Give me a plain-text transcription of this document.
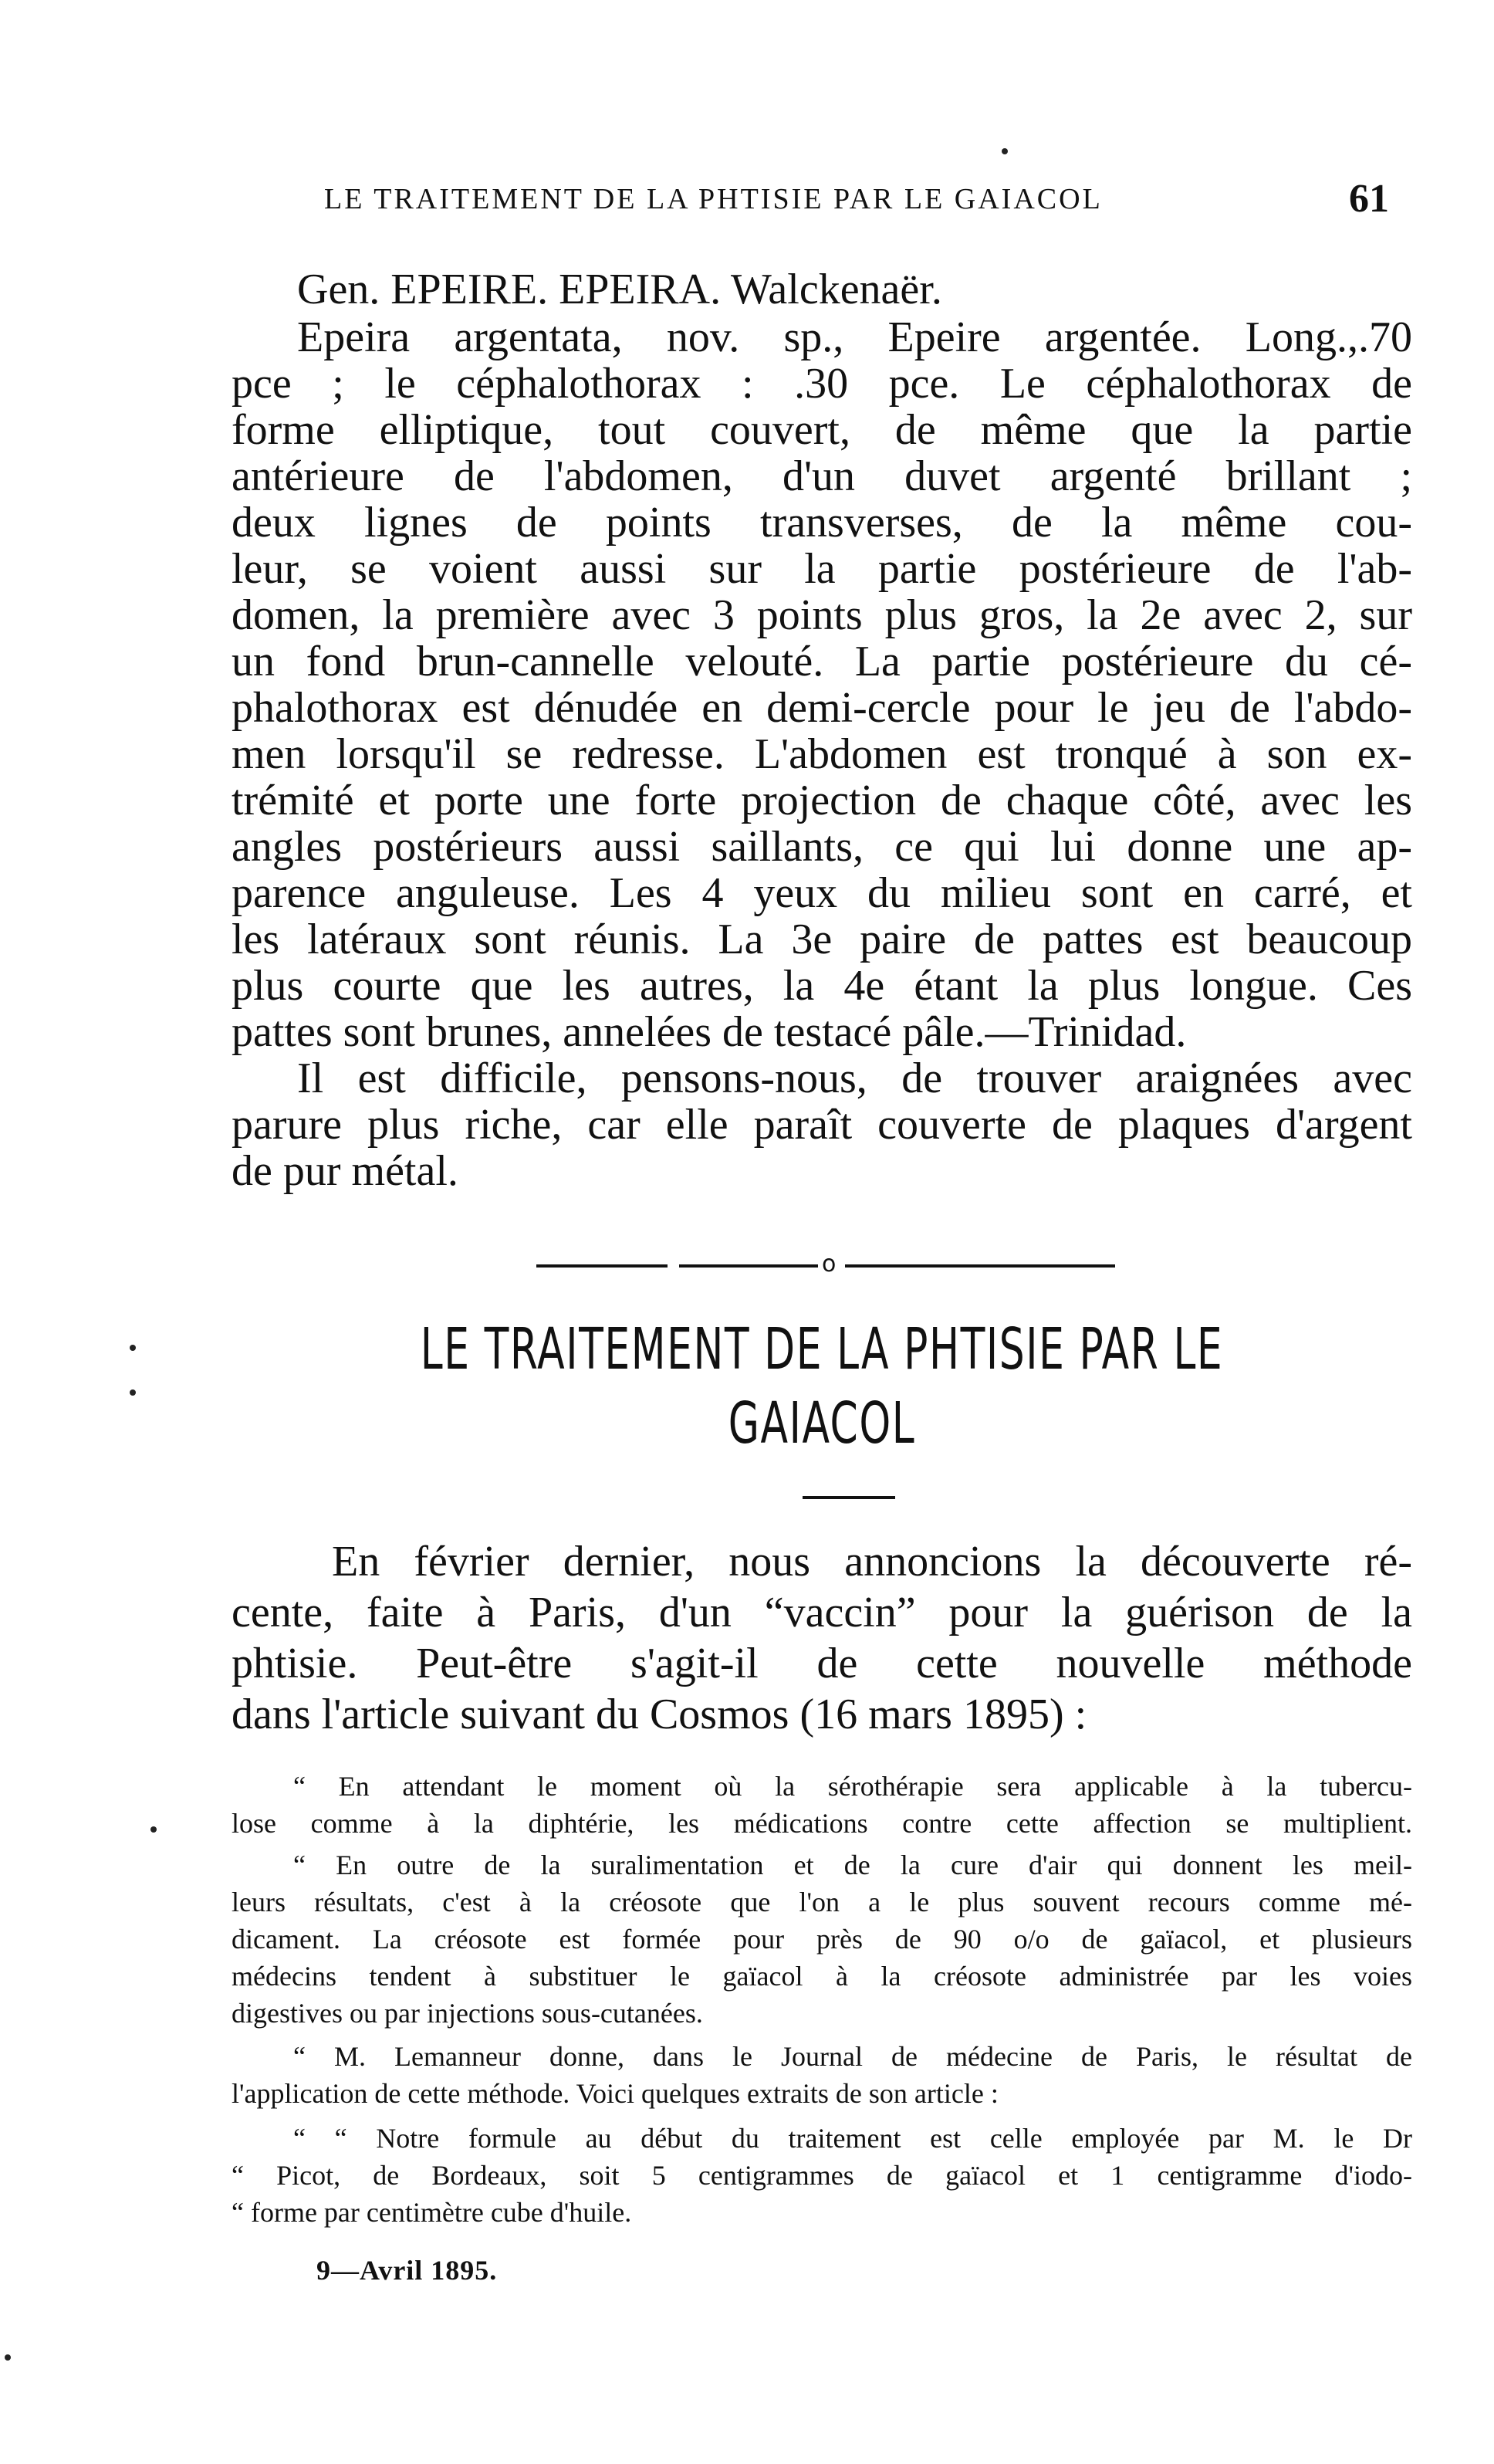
LE TRAITEMENT DE LA PHTISIE PAR LE GAIACOL	61
Gen. EPEIRE. EPEIRA. Walckenaër.
Epeira argentata, nov. sp., Epeire argentée. Long.,.70
pce ; le céphalothorax : .30 pce. Le céphalothorax de
forme elliptique, tout couvert, de même que la partie
antérieure de l'abdomen, d'un duvet argenté brillant ;
deux lignes de points transverses, de la même cou-
leur, se voient aussi sur la partie postérieure de l'ab-
domen, la première avec 3 points plus gros, la 2e avec 2, sur
un fond brun-cannelle velouté. La partie postérieure du cé-
phalothorax est dénudée en demi-cercle pour le jeu de l'abdo-
men lorsqu'il se redresse. L'abdomen est tronqué à son ex-
trémité et porte une forte projection de chaque côté, avec les
angles postérieurs aussi saillants, ce qui lui donne une ap-
parence anguleuse. Les 4 yeux du milieu sont en carré, et
les latéraux sont réunis. La 3e paire de pattes est beaucoup
plus courte que les autres, la 4e étant la plus longue. Ces
pattes sont brunes, annelées de testacé pâle.—Trinidad.
Il est difficile, pensons-nous, de trouver araignées avec
parure plus riche, car elle paraît couverte de plaques d'argent
de pur métal.
o
LE TRAITEMENT DE LA PHTISIE PAR LE
GAIACOL
En février dernier, nous annoncions la découverte ré-
cente, faite à Paris, d'un “vaccin” pour la guérison de la
phtisie. Peut-être s'agit-il de cette nouvelle méthode
dans l'article suivant du Cosmos (16 mars 1895) :
“ En attendant le moment où la sérothérapie sera applicable à la tubercu-
lose comme à la diphtérie, les médications contre cette affection se multiplient.
“ En outre de la suralimentation et de la cure d'air qui donnent les meil-
leurs résultats, c'est à la créosote que l'on a le plus souvent recours comme mé-
dicament. La créosote est formée pour près de 90 o/o de gaïacol, et plusieurs
médecins tendent à substituer le gaïacol à la créosote administrée par les voies
digestives ou par injections sous-cutanées.
“ M. Lemanneur donne, dans le Journal de médecine de Paris, le résultat de
l'application de cette méthode. Voici quelques extraits de son article :
“ “ Notre formule au début du traitement est celle employée par M. le Dr
“ Picot, de Bordeaux, soit 5 centigrammes de gaïacol et 1 centigramme d'iodo-
“ forme par centimètre cube d'huile.
9—Avril 1895.
